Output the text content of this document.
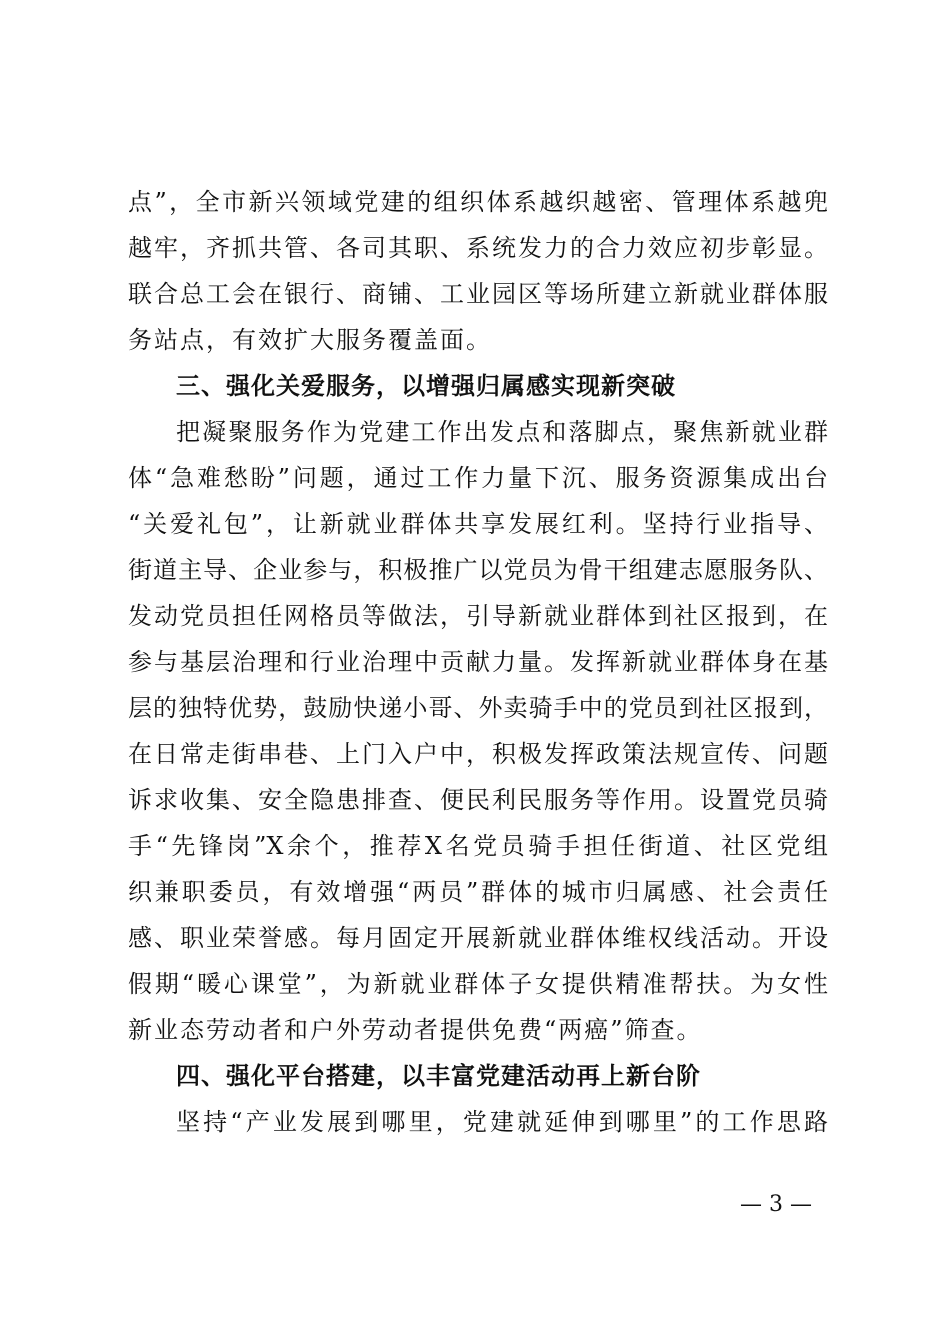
点”，全市新兴领域党建的组织体系越织越密、管理体系越兜
越牢，齐抓共管、各司其职、系统发力的合力效应初步彰显。
联合总工会在银行、商铺、工业园区等场所建立新就业群体服
务站点，有效扩大服务覆盖面。
三、强化关爱服务，以增强归属感实现新突破
把凝聚服务作为党建工作出发点和落脚点，聚焦新就业群
体“急难愁盼”问题，通过工作力量下沉、服务资源集成出台
“关爱礼包”，让新就业群体共享发展红利。坚持行业指导、
街道主导、企业参与，积极推广以党员为骨干组建志愿服务队、
发动党员担任网格员等做法，引导新就业群体到社区报到，在
参与基层治理和行业治理中贡献力量。发挥新就业群体身在基
层的独特优势，鼓励快递小哥、外卖骑手中的党员到社区报到，
在日常走街串巷、上门入户中，积极发挥政策法规宣传、问题
诉求收集、安全隐患排查、便民利民服务等作用。设置党员骑
手“先锋岗”X余个，推荐X名党员骑手担任街道、社区党组
织兼职委员，有效增强“两员”群体的城市归属感、社会责任
感、职业荣誉感。每月固定开展新就业群体维权线活动。开设
假期“暖心课堂”，为新就业群体子女提供精准帮扶。为女性
新业态劳动者和户外劳动者提供免费“两癌”筛查。
四、强化平台搭建，以丰富党建活动再上新台阶
坚持“产业发展到哪里，党建就延伸到哪里”的工作思路
— 3 —
